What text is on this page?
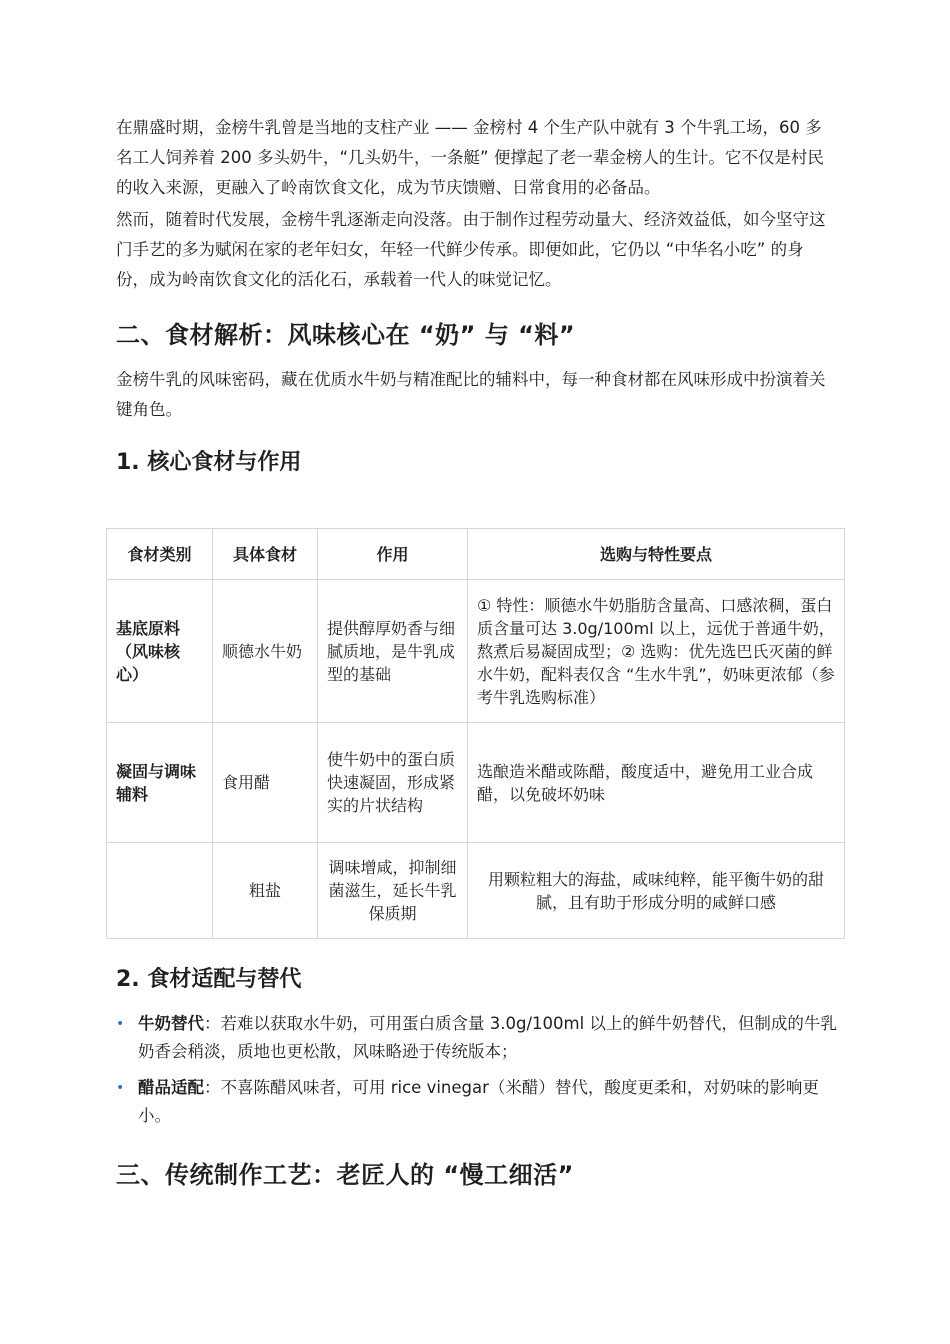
在鼎盛时期，金榜牛乳曾是当地的支柱产业 —— 金榜村 4 个生产队中就有 3 个牛乳工场，60 多名工人饲养着 200 多头奶牛，“几头奶牛，一条艇” 便撑起了老一辈金榜人的生计。它不仅是村民的收入来源，更融入了岭南饮食文化，成为节庆馈赠、日常食用的必备品。

然而，随着时代发展，金榜牛乳逐渐走向没落。由于制作过程劳动量大、经济效益低，如今坚守这门手艺的多为赋闲在家的老年妇女，年轻一代鲜少传承。即便如此，它仍以 “中华名小吃” 的身份，成为岭南饮食文化的活化石，承载着一代人的味觉记忆。

二、食材解析：风味核心在 “奶” 与 “料”

金榜牛乳的风味密码，藏在优质水牛奶与精准配比的辅料中，每一种食材都在风味形成中扮演着关键角色。

1. 核心食材与作用
食材类别	具体食材	作用	选购与特性要点
基底原料（风味核心）	顺德水牛奶	提供醇厚奶香与细腻质地，是牛乳成型的基础	① 特性：顺德水牛奶脂肪含量高、口感浓稠，蛋白质含量可达 3.0g/100ml 以上，远优于普通牛奶，熬煮后易凝固成型；② 选购：优先选巴氏灭菌的鲜水牛奶，配料表仅含 “生水牛乳”，奶味更浓郁（参考牛乳选购标准）
凝固与调味辅料	食用醋	使牛奶中的蛋白质快速凝固，形成紧实的片状结构	选酿造米醋或陈醋，酸度适中，避免用工业合成醋，以免破坏奶味
	粗盐	调味增咸，抑制细菌滋生，延长牛乳保质期	用颗粒粗大的海盐，咸味纯粹，能平衡牛奶的甜腻，且有助于形成分明的咸鲜口感
2. 食材适配与替代
• 牛奶替代：若难以获取水牛奶，可用蛋白质含量 3.0g/100ml 以上的鲜牛奶替代，但制成的牛乳奶香会稍淡，质地也更松散，风味略逊于传统版本；
• 醋品适配：不喜陈醋风味者，可用 rice vinegar（米醋）替代，酸度更柔和，对奶味的影响更小。
三、传统制作工艺：老匠人的 “慢工细活”
